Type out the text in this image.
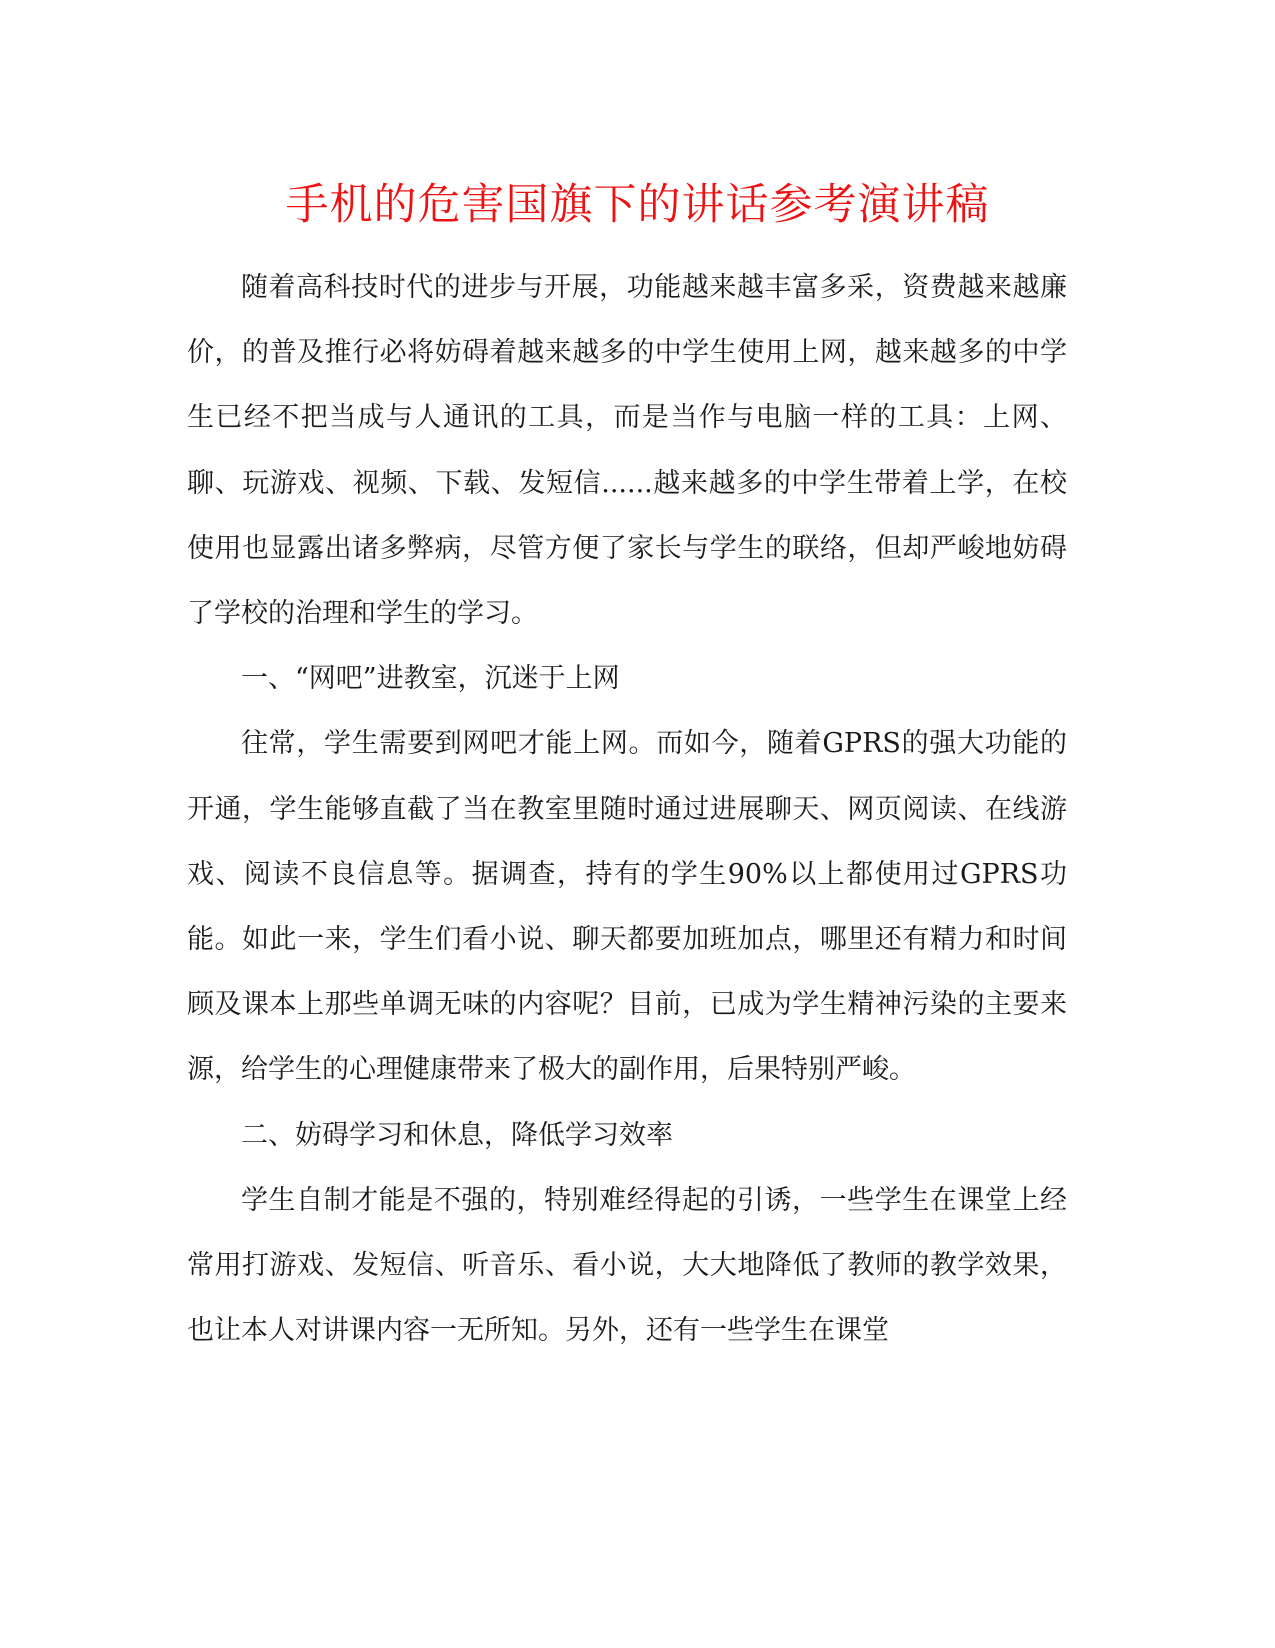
手机的危害国旗下的讲话参考演讲稿

随着高科技时代的进步与开展，功能越来越丰富多采，资费越来越廉价，的普及推行必将妨碍着越来越多的中学生使用上网，越来越多的中学生已经不把当成与人通讯的工具，而是当作与电脑一样的工具：上网、聊、玩游戏、视频、下载、发短信......越来越多的中学生带着上学，在校使用也显露出诸多弊病，尽管方便了家长与学生的联络，但却严峻地妨碍了学校的治理和学生的学习。

一、“网吧”进教室，沉迷于上网

往常，学生需要到网吧才能上网。而如今，随着GPRS的强大功能的开通，学生能够直截了当在教室里随时通过进展聊天、网页阅读、在线游戏、阅读不良信息等。据调查，持有的学生90%以上都使用过GPRS功能。如此一来，学生们看小说、聊天都要加班加点，哪里还有精力和时间顾及课本上那些单调无味的内容呢？目前，已成为学生精神污染的主要来源，给学生的心理健康带来了极大的副作用，后果特别严峻。

二、妨碍学习和休息，降低学习效率

学生自制才能是不强的，特别难经得起的引诱，一些学生在课堂上经常用打游戏、发短信、听音乐、看小说，大大地降低了教师的教学效果，也让本人对讲课内容一无所知。另外，还有一些学生在课堂
